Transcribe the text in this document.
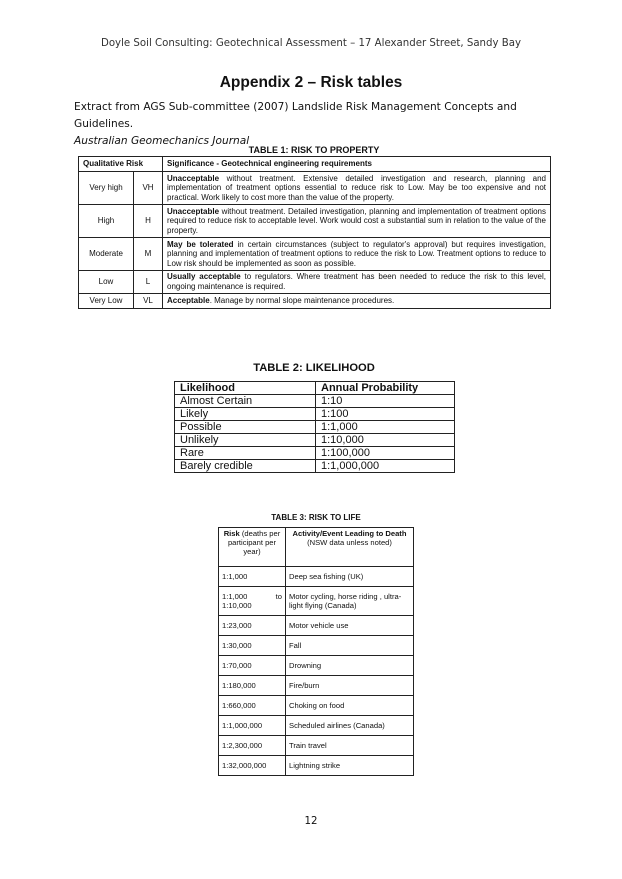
Doyle Soil Consulting: Geotechnical Assessment – 17 Alexander Street, Sandy Bay
Appendix 2 – Risk tables
Extract from AGS Sub-committee (2007) Landslide Risk Management Concepts and Guidelines.
Australian Geomechanics Journal
TABLE 1: RISK TO PROPERTY
Qualitative Risk		Significance - Geotechnical engineering requirements
Very high	VH	Unacceptable without treatment. Extensive detailed investigation and research, planning and implementation of treatment options essential to reduce risk to Low. May be too expensive and not practical. Work likely to cost more than the value of the property.
High	H	Unacceptable without treatment. Detailed investigation, planning and implementation of treatment options required to reduce risk to acceptable level. Work would cost a substantial sum in relation to the value of the property.
Moderate	M	May be tolerated in certain circumstances (subject to regulator's approval) but requires investigation, planning and implementation of treatment options to reduce the risk to Low. Treatment options to reduce to Low risk should be implemented as soon as possible.
Low	L	Usually acceptable to regulators. Where treatment has been needed to reduce the risk to this level, ongoing maintenance is required.
Very Low	VL	Acceptable. Manage by normal slope maintenance procedures.
TABLE 2: LIKELIHOOD
Likelihood	Annual Probability
Almost Certain	1:10
Likely	1:100
Possible	1:1,000
Unlikely	1:10,000
Rare	1:100,000
Barely credible	1:1,000,000
TABLE 3: RISK TO LIFE
Risk (deaths per participant per year)	Activity/Event Leading to Death
(NSW data unless noted)
1:1,000	Deep sea fishing (UK)

1:1,000 to
1:10,000	Motor cycling, horse riding , ultra-light flying (Canada)
1:23,000	Motor vehicle use
1:30,000	Fall
1:70,000	Drowning
1:180,000	Fire/burn
1:660,000	Choking on food
1:1,000,000	Scheduled airlines (Canada)
1:2,300,000	Train travel
1:32,000,000	Lightning strike
12
